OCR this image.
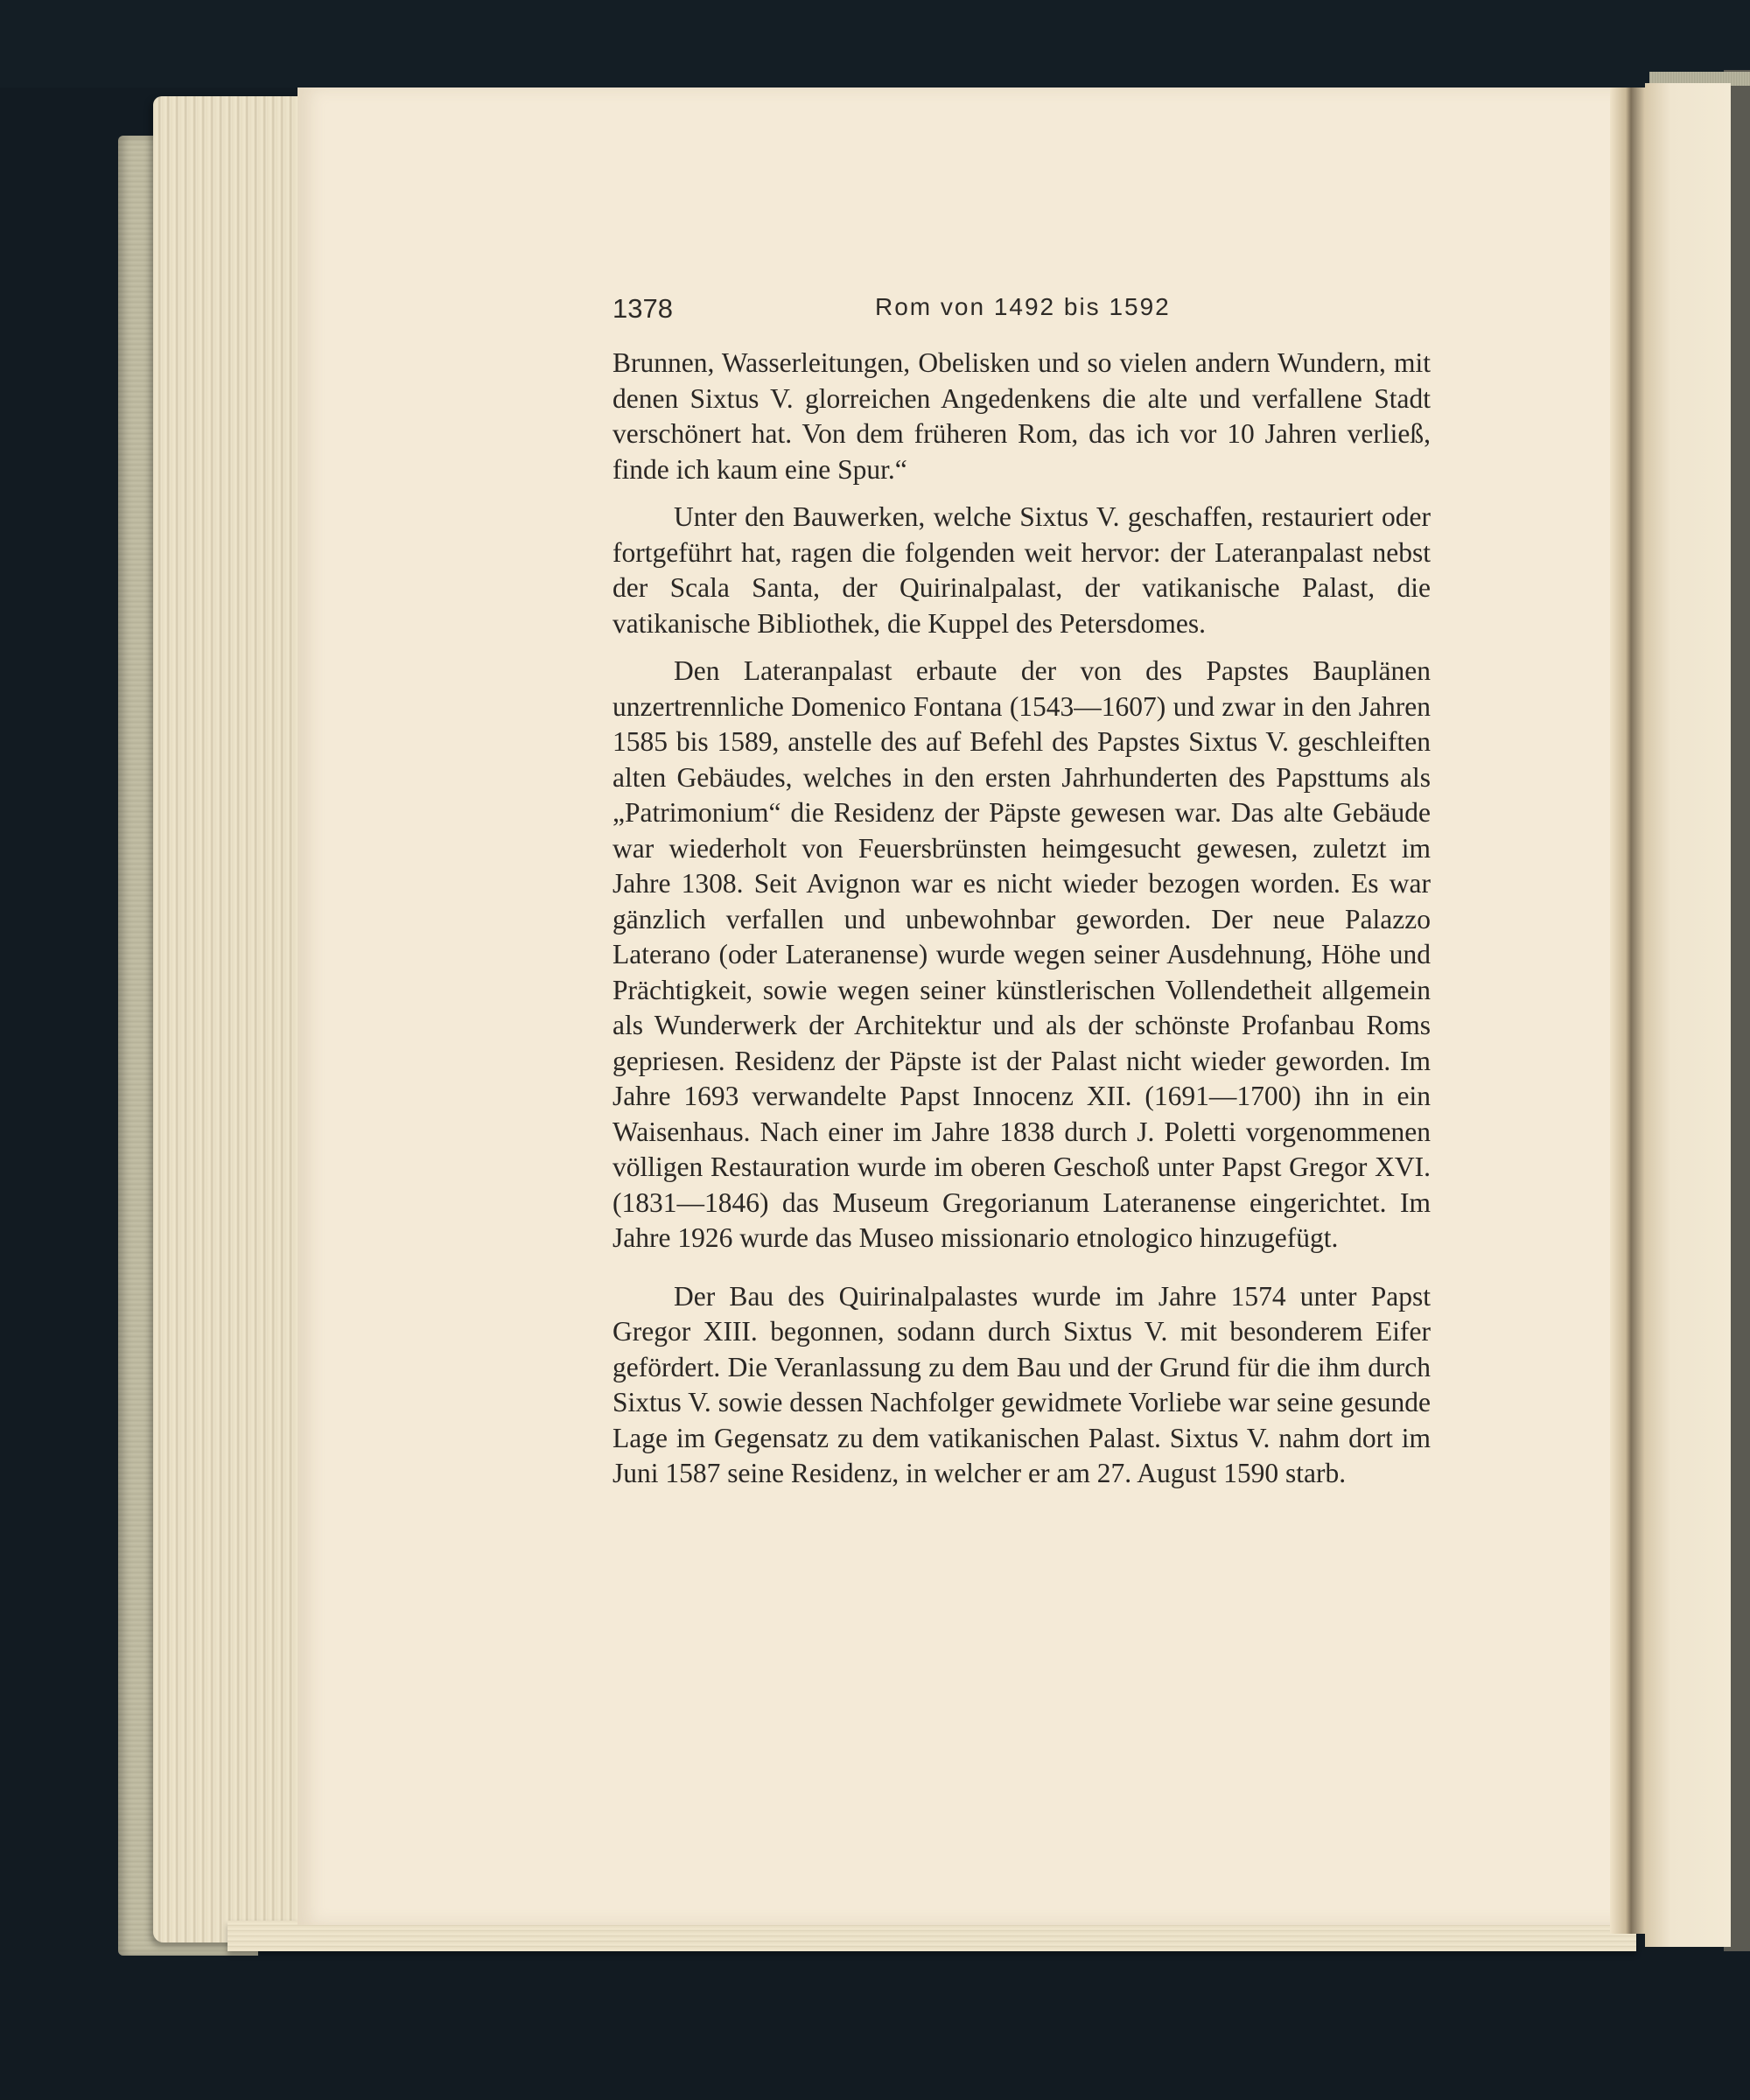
1378	Rom von 1492 bis 1592

Brunnen, Wasserleitungen, Obelisken und so vielen andern Wundern, mit denen Sixtus V. glorreichen Angedenkens die alte und verfallene Stadt verschönert hat. Von dem früheren Rom, das ich vor 10 Jahren verließ, finde ich kaum eine Spur.“

Unter den Bauwerken, welche Sixtus V. geschaffen, restauriert oder fortgeführt hat, ragen die folgenden weit hervor: der Lateranpalast nebst der Scala Santa, der Quirinalpalast, der vatikanische Palast, die vatikanische Bibliothek, die Kuppel des Petersdomes.

Den Lateranpalast erbaute der von des Papstes Bauplänen unzertrennliche Domenico Fontana (1543—1607) und zwar in den Jahren 1585 bis 1589, anstelle des auf Befehl des Papstes Sixtus V. geschleiften alten Gebäudes, welches in den ersten Jahrhunderten des Papsttums als „Patrimonium“ die Residenz der Päpste gewesen war. Das alte Gebäude war wiederholt von Feuersbrünsten heimgesucht gewesen, zuletzt im Jahre 1308. Seit Avignon war es nicht wieder bezogen worden. Es war gänzlich verfallen und unbewohnbar geworden. Der neue Palazzo Laterano (oder Lateranense) wurde wegen seiner Ausdehnung, Höhe und Prächtigkeit, sowie wegen seiner künstlerischen Vollendetheit allgemein als Wunderwerk der Architektur und als der schönste Profanbau Roms gepriesen. Residenz der Päpste ist der Palast nicht wieder geworden. Im Jahre 1693 verwandelte Papst Innocenz XII. (1691—1700) ihn in ein Waisenhaus. Nach einer im Jahre 1838 durch J. Poletti vorgenommenen völligen Restauration wurde im oberen Geschoß unter Papst Gregor XVI. (1831—1846) das Museum Gregorianum Lateranense eingerichtet. Im Jahre 1926 wurde das Museo missionario etnologico hinzugefügt.

Der Bau des Quirinalpalastes wurde im Jahre 1574 unter Papst Gregor XIII. begonnen, sodann durch Sixtus V. mit besonderem Eifer gefördert. Die Veranlassung zu dem Bau und der Grund für die ihm durch Sixtus V. sowie dessen Nachfolger gewidmete Vorliebe war seine gesunde Lage im Gegensatz zu dem vatikanischen Palast. Sixtus V. nahm dort im Juni 1587 seine Residenz, in welcher er am 27. August 1590 starb.
